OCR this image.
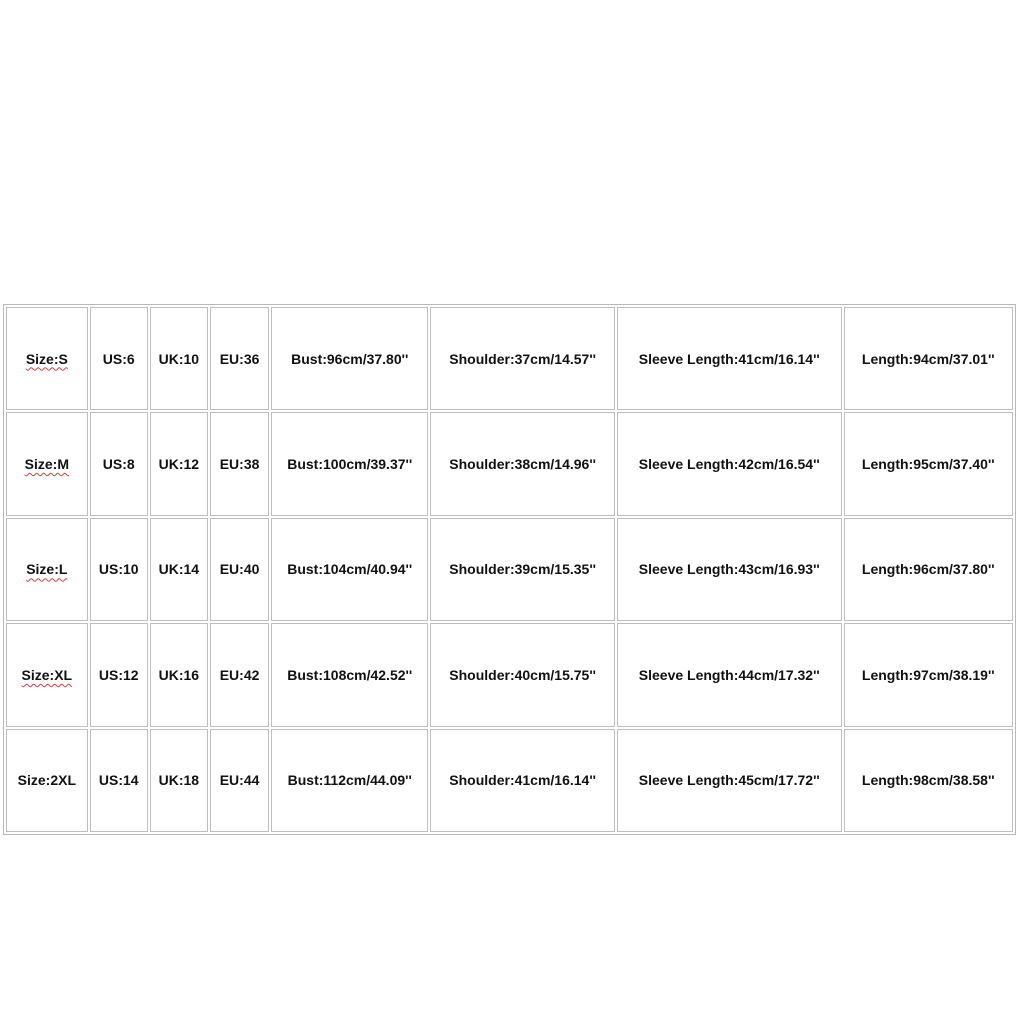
Size:S	US:6	UK:10	EU:36	Bust:96cm/37.80''	Shoulder:37cm/14.57''	Sleeve Length:41cm/16.14''	Length:94cm/37.01''
Size:M	US:8	UK:12	EU:38	Bust:100cm/39.37''	Shoulder:38cm/14.96''	Sleeve Length:42cm/16.54''	Length:95cm/37.40''
Size:L	US:10	UK:14	EU:40	Bust:104cm/40.94''	Shoulder:39cm/15.35''	Sleeve Length:43cm/16.93''	Length:96cm/37.80''
Size:XL	US:12	UK:16	EU:42	Bust:108cm/42.52''	Shoulder:40cm/15.75''	Sleeve Length:44cm/17.32''	Length:97cm/38.19''
Size:2XL	US:14	UK:18	EU:44	Bust:112cm/44.09''	Shoulder:41cm/16.14''	Sleeve Length:45cm/17.72''	Length:98cm/38.58''
